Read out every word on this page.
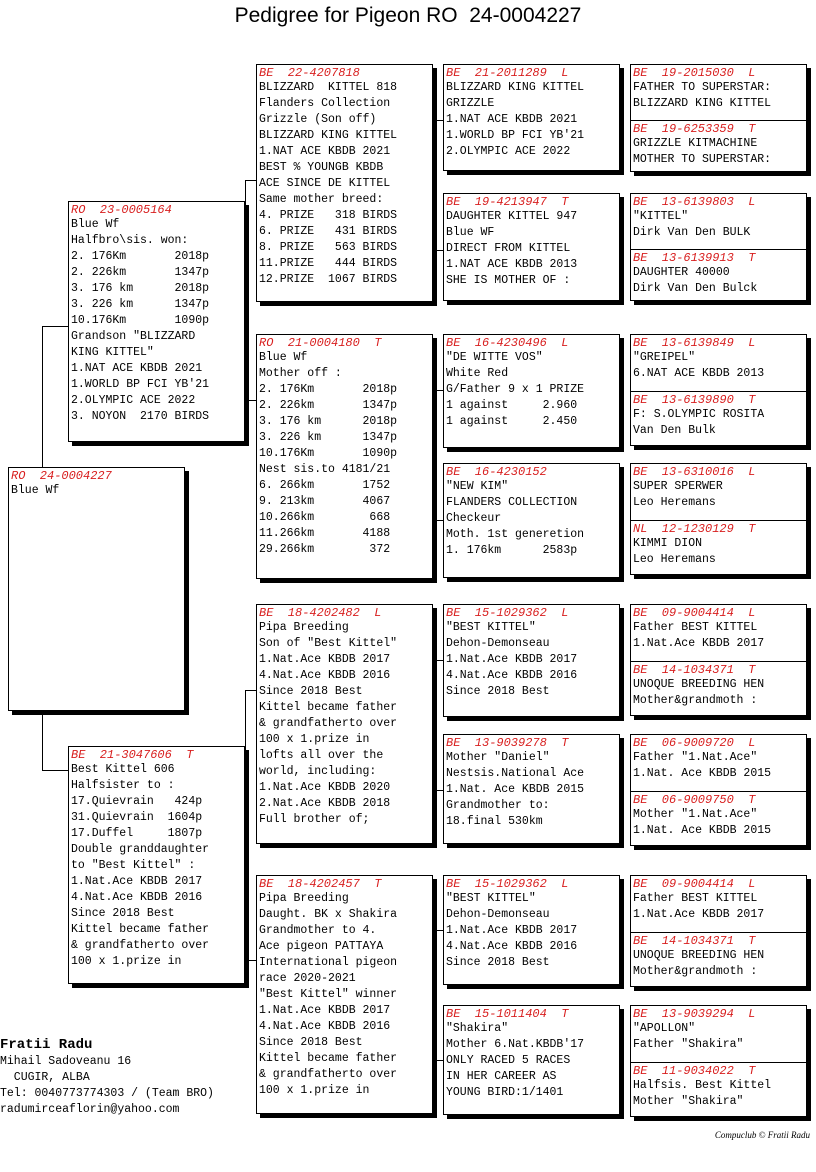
Pedigree for Pigeon RO  24-0004227
RO  24-0004227
Blue Wf
RO  23-0005164
Blue Wf
Halfbro\sis. won:
2. 176Km       2018p
2. 226km       1347p
3. 176 km      2018p
3. 226 km      1347p
10.176Km       1090p
Grandson "BLIZZARD
KING KITTEL"
1.NAT ACE KBDB 2021
1.WORLD BP FCI YB'21
2.OLYMPIC ACE 2022
3. NOYON  2170 BIRDS
BE  21-3047606  T
Best Kittel 606
Halfsister to :
17.Quievrain   424p
31.Quievrain  1604p
17.Duffel     1807p
Double granddaughter
to "Best Kittel" :
1.Nat.Ace KBDB 2017
4.Nat.Ace KBDB 2016
Since 2018 Best
Kittel became father
& grandfatherto over
100 x 1.prize in
BE  22-4207818
BLIZZARD  KITTEL 818
Flanders Collection
Grizzle (Son off)
BLIZZARD KING KITTEL
1.NAT ACE KBDB 2021
BEST % YOUNGB KBDB
ACE SINCE DE KITTEL
Same mother breed:
4. PRIZE   318 BIRDS
6. PRIZE   431 BIRDS
8. PRIZE   563 BIRDS
11.PRIZE   444 BIRDS
12.PRIZE  1067 BIRDS
RO  21-0004180  T
Blue Wf
Mother off :
2. 176Km       2018p
2. 226km       1347p
3. 176 km      2018p
3. 226 km      1347p
10.176Km       1090p
Nest sis.to 4181/21
6. 266km       1752
9. 213km       4067
10.266km        668
11.266km       4188
29.266km        372
BE  18-4202482  L
Pipa Breeding
Son of "Best Kittel"
1.Nat.Ace KBDB 2017
4.Nat.Ace KBDB 2016
Since 2018 Best
Kittel became father
& grandfatherto over
100 x 1.prize in
lofts all over the
world, including:
1.Nat.Ace KBDB 2020
2.Nat.Ace KBDB 2018
Full brother of;
BE  18-4202457  T
Pipa Breeding
Daught. BK x Shakira
Grandmother to 4.
Ace pigeon PATTAYA
International pigeon
race 2020-2021
"Best Kittel" winner
1.Nat.Ace KBDB 2017
4.Nat.Ace KBDB 2016
Since 2018 Best
Kittel became father
& grandfatherto over
100 x 1.prize in
BE  21-2011289  L
BLIZZARD KING KITTEL
GRIZZLE
1.NAT ACE KBDB 2021
1.WORLD BP FCI YB'21
2.OLYMPIC ACE 2022
BE  19-4213947  T
DAUGHTER KITTEL 947
Blue WF
DIRECT FROM KITTEL
1.NAT ACE KBDB 2013
SHE IS MOTHER OF :
BE  16-4230496  L
"DE WITTE VOS"
White Red
G/Father 9 x 1 PRIZE
1 against     2.960
1 against     2.450
BE  16-4230152
"NEW KIM"
FLANDERS COLLECTION
Checkeur
Moth. 1st generetion
1. 176km      2583p
BE  15-1029362  L
"BEST KITTEL"
Dehon-Demonseau
1.Nat.Ace KBDB 2017
4.Nat.Ace KBDB 2016
Since 2018 Best
BE  13-9039278  T
Mother "Daniel"
Nestsis.National Ace
1.Nat. Ace KBDB 2015
Grandmother to:
18.final 530km
BE  15-1029362  L
"BEST KITTEL"
Dehon-Demonseau
1.Nat.Ace KBDB 2017
4.Nat.Ace KBDB 2016
Since 2018 Best
BE  15-1011404  T
"Shakira"
Mother 6.Nat.KBDB'17
ONLY RACED 5 RACES
IN HER CAREER AS
YOUNG BIRD:1/1401
BE  19-2015030  L
FATHER TO SUPERSTAR:
BLIZZARD KING KITTEL
BE  19-6253359  T
GRIZZLE KITMACHINE
MOTHER TO SUPERSTAR:
BE  13-6139803  L
"KITTEL"
Dirk Van Den BULK
BE  13-6139913  T
DAUGHTER 40000
Dirk Van Den Bulck
BE  13-6139849  L
"GREIPEL"
6.NAT ACE KBDB 2013
BE  13-6139890  T
F: S.OLYMPIC ROSITA
Van Den Bulk
BE  13-6310016  L
SUPER SPERWER
Leo Heremans
NL  12-1230129  T
KIMMI DION
Leo Heremans
BE  09-9004414  L
Father BEST KITTEL
1.Nat.Ace KBDB 2017
BE  14-1034371  T
UNOQUE BREEDING HEN
Mother&grandmoth :
BE  06-9009720  L
Father "1.Nat.Ace"
1.Nat. Ace KBDB 2015
BE  06-9009750  T
Mother "1.Nat.Ace"
1.Nat. Ace KBDB 2015
BE  09-9004414  L
Father BEST KITTEL
1.Nat.Ace KBDB 2017
BE  14-1034371  T
UNOQUE BREEDING HEN
Mother&grandmoth :
BE  13-9039294  L
"APOLLON"
Father "Shakira"
BE  11-9034022  T
Halfsis. Best Kittel
Mother "Shakira"
Fratii Radu
Mihail Sadoveanu 16
CUGIR, ALBA
Tel: 0040773774303 / (Team BRO)
radumirceaflorin@yahoo.com
Compuclub © Fratii Radu
